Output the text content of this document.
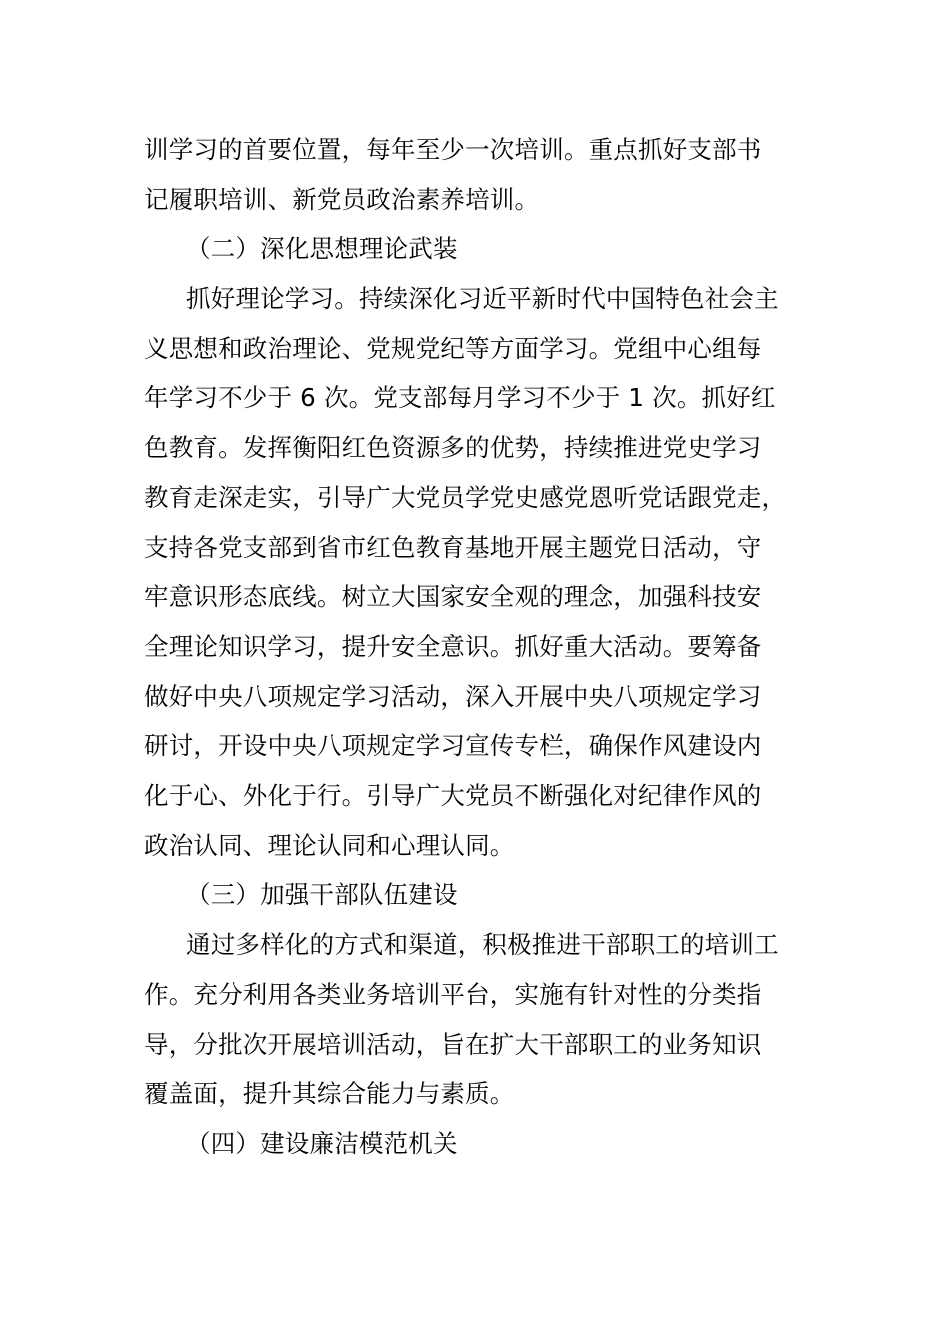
训学习的首要位置，每年至少一次培训。重点抓好支部书
记履职培训、新党员政治素养培训。
（二）深化思想理论武装
抓好理论学习。持续深化习近平新时代中国特色社会主
义思想和政治理论、党规党纪等方面学习。党组中心组每
年学习不少于 6 次。党支部每月学习不少于 1 次。抓好红
色教育。发挥衡阳红色资源多的优势，持续推进党史学习
教育走深走实，引导广大党员学党史感党恩听党话跟党走，
支持各党支部到省市红色教育基地开展主题党日活动，守
牢意识形态底线。树立大国家安全观的理念，加强科技安
全理论知识学习，提升安全意识。抓好重大活动。要筹备
做好中央八项规定学习活动，深入开展中央八项规定学习
研讨，开设中央八项规定学习宣传专栏，确保作风建设内
化于心、外化于行。引导广大党员不断强化对纪律作风的
政治认同、理论认同和心理认同。
（三）加强干部队伍建设
通过多样化的方式和渠道，积极推进干部职工的培训工
作。充分利用各类业务培训平台，实施有针对性的分类指
导，分批次开展培训活动，旨在扩大干部职工的业务知识
覆盖面，提升其综合能力与素质。
（四）建设廉洁模范机关
